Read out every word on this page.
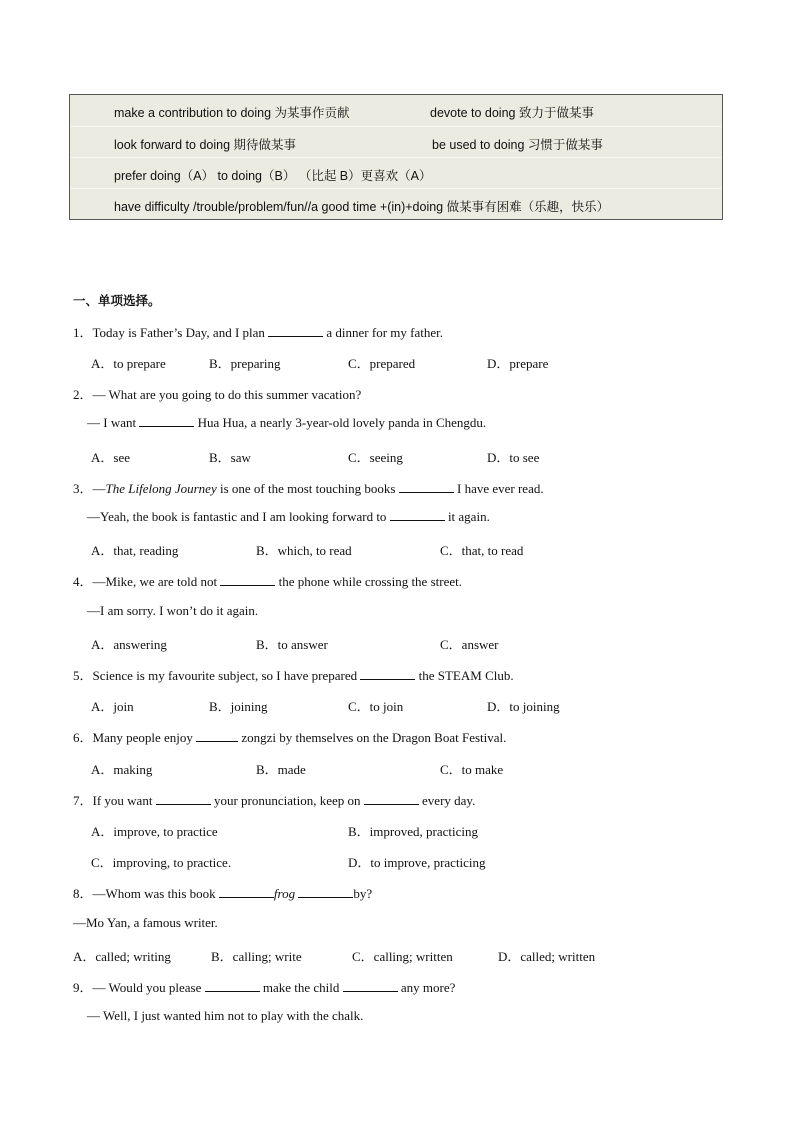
make a contribution to doing 为某事作贡献	devote to doing 致力于做某事
look forward to doing 期待做某事	be used to doing 习惯于做某事
prefer doing（A） to doing（B） （比起 B）更喜欢（A）
have difficulty /trouble/problem/fun//a good time +(in)+doing 做某事有困难（乐趣，快乐）
一、单项选择。
1．Today is Father’s Day, and I plan	a dinner for my father.
A．to prepare	B．preparing	C．prepared	D．prepare
2．— What are you going to do this summer vacation?
— I want	Hua Hua, a nearly 3-year-old lovely panda in Chengdu.
A．see	B．saw	C．seeing	D．to see
3．—The Lifelong Journey is one of the most touching books	I have ever read.
—Yeah, the book is fantastic and I am looking forward to	it again.
A．that, reading	B．which, to read	C．that, to read
4．—Mike, we are told not	the phone while crossing the street.
—I am sorry. I won’t do it again.
A．answering	B．to answer	C．answer
5．Science is my favourite subject, so I have prepared	the STEAM Club.
A．join	B．joining	C．to join	D．to joining
6．Many people enjoy	zongzi by themselves on the Dragon Boat Festival.
A．making	B．made	C．to make
7．If you want	your pronunciation, keep on	every day.
A．improve, to practice	B．improved, practicing
C．improving, to practice.	D．to improve, practicing
8．—Whom was this book	frog	by?
—Mo Yan, a famous writer.
A．called; writing	B．calling; write	C．calling; written	D．called; written
9．— Would you please	make the child	any more?
— Well, I just wanted him not to play with the chalk.
